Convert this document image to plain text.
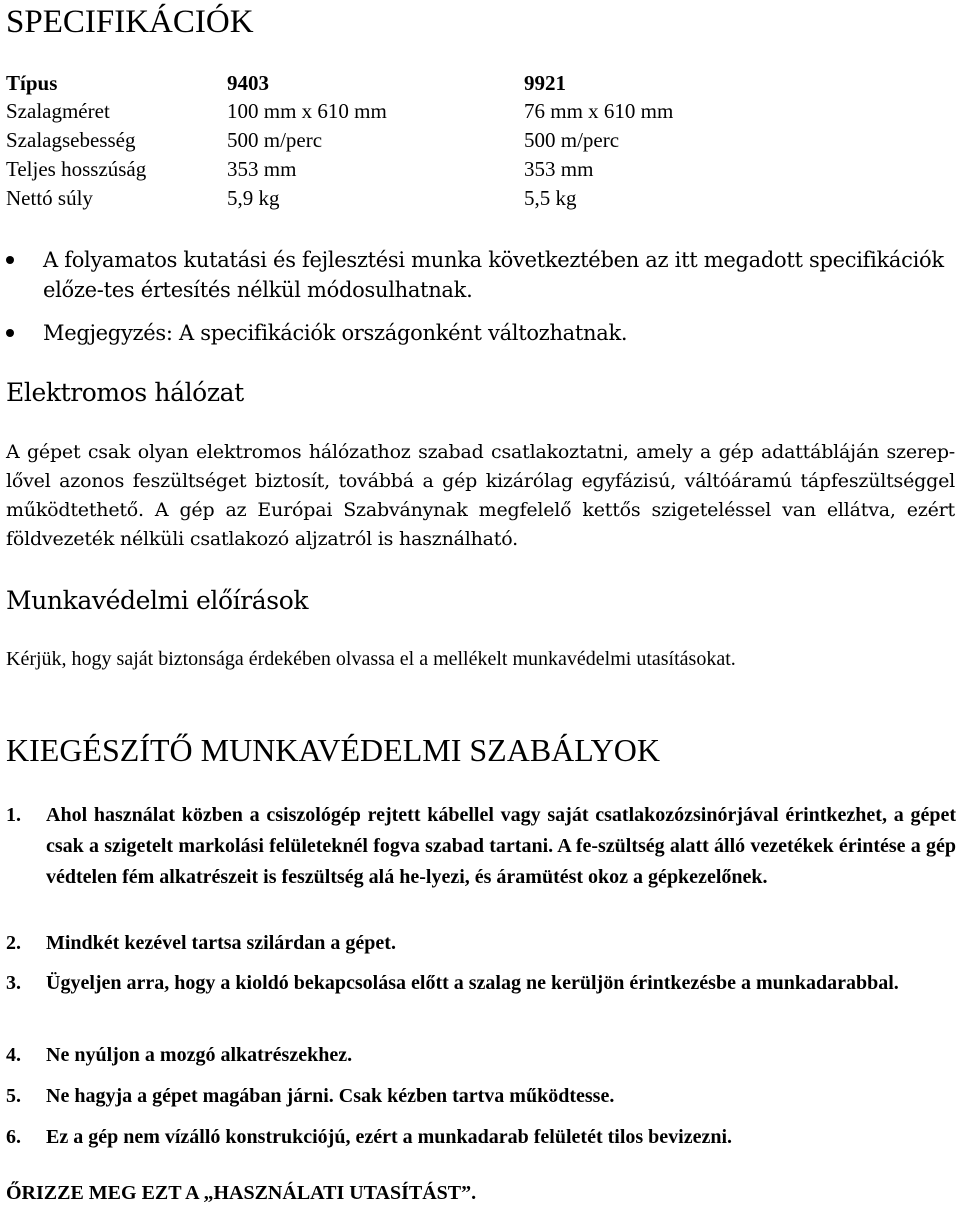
SPECIFIKÁCIÓK
Típus	9403	9921
Szalagméret	100 mm x 610 mm	76 mm x 610 mm
Szalagsebesség	500 m/perc	500 m/perc
Teljes hosszúság	353 mm	353 mm
Nettó súly	5,9 kg	5,5 kg
A folyamatos kutatási és fejlesztési munka következtében az itt megadott specifikációk előze-tes értesítés nélkül módosulhatnak.
Megjegyzés: A specifikációk országonként változhatnak.
Elektromos hálózat

A gépet csak olyan elektromos hálózathoz szabad csatlakoztatni, amely a gép adattábláján szerep-lővel azonos feszültséget biztosít, továbbá a gép kizárólag egyfázisú, váltóáramú tápfeszültséggel működtethető. A gép az Európai Szabványnak megfelelő kettős szigeteléssel van ellátva, ezért földvezeték nélküli csatlakozó aljzatról is használható.

Munkavédelmi előírások

Kérjük, hogy saját biztonsága érdekében olvassa el a mellékelt munkavédelmi utasításokat.

KIEGÉSZÍTŐ MUNKAVÉDELMI SZABÁLYOK
1. Ahol használat közben a csiszológép rejtett kábellel vagy saját csatlakozózsinórjával érintkezhet, a gépet csak a szigetelt markolási felületeknél fogva szabad tartani. A fe-szültség alatt álló vezetékek érintése a gép védtelen fém alkatrészeit is feszültség alá he-lyezi, és áramütést okoz a gépkezelőnek.
2. Mindkét kezével tartsa szilárdan a gépet.
3. Ügyeljen arra, hogy a kioldó bekapcsolása előtt a szalag ne kerüljön érintkezésbe a munkadarabbal.
4. Ne nyúljon a mozgó alkatrészekhez.
5. Ne hagyja a gépet magában járni. Csak kézben tartva működtesse.
6. Ez a gép nem vízálló konstrukciójú, ezért a munkadarab felületét tilos bevizezni.

ŐRIZZE MEG EZT A „HASZNÁLATI UTASÍTÁST”.
